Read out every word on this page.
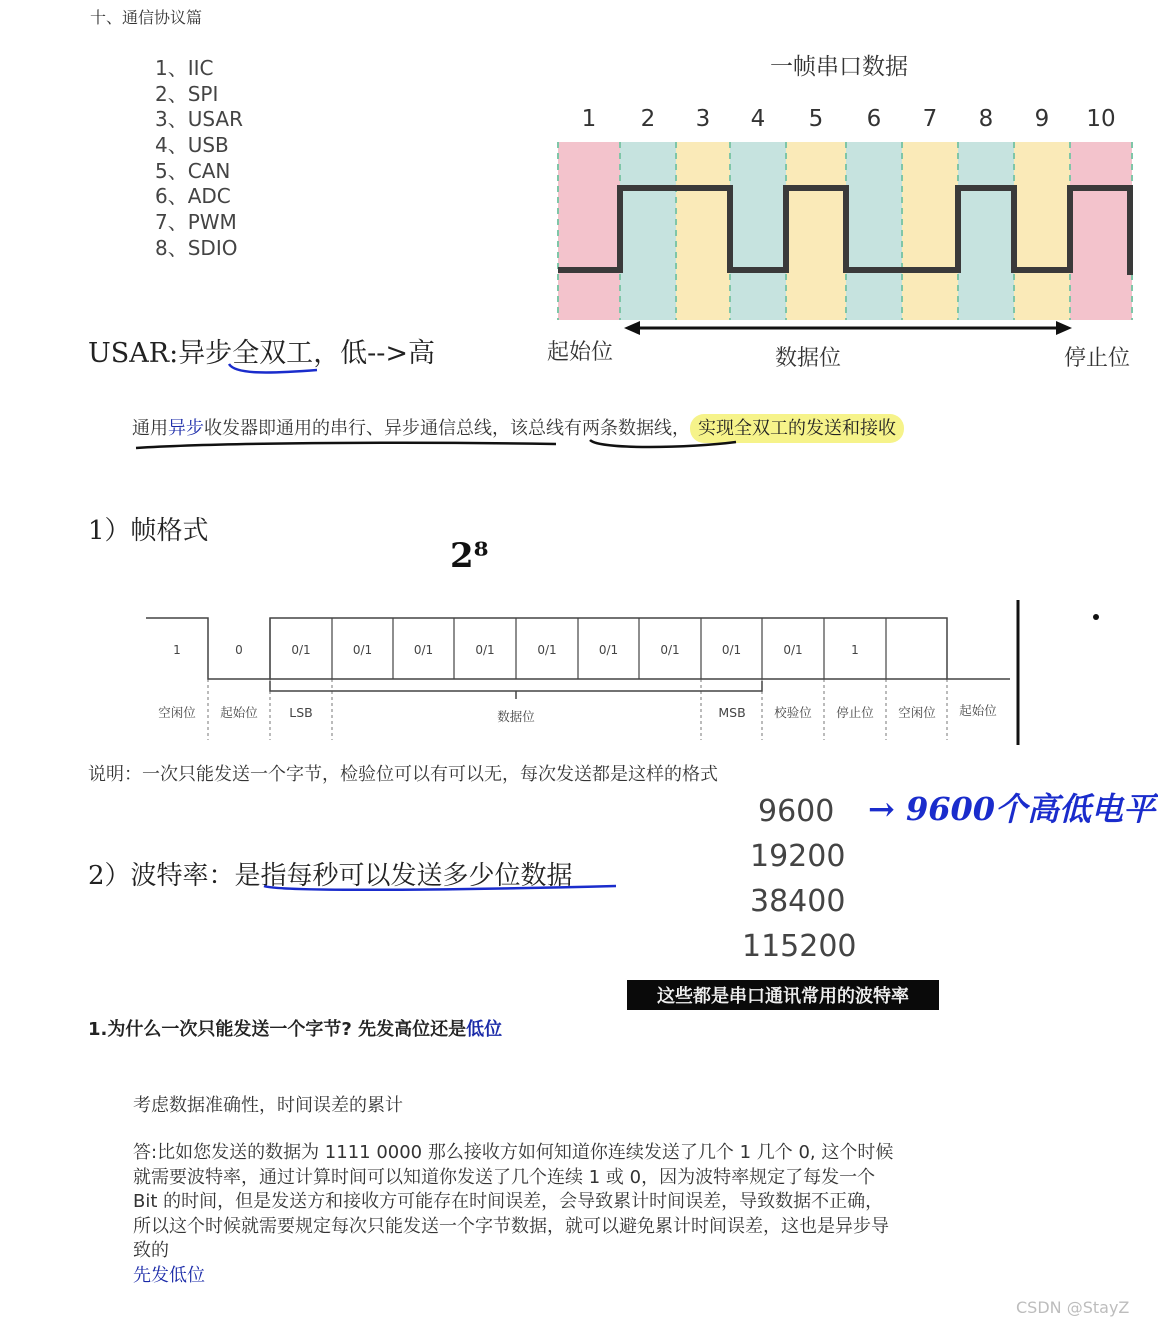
十、通信协议篇
1、IIC
2、SPI
3、USAR
4、USB
5、CAN
6、ADC
7、PWM
8、SDIO
一帧串口数据
1 2 3 4 5 6 7 8 9 10
起始位	数据位	停止位
USAR:异步全双工，低-->高
通用异步收发器即通用的串行、异步通信总线，该总线有两条数据线， 实现全双工的发送和接收
1）帧格式
2⁸
1	0	0/1	0/1	0/1	0/1	0/1	0/1	0/1	0/1	0/1	1
空闲位 起始位	LSB	数据位	MSB 校验位 停止位 空闲位 起始位
说明：一次只能发送一个字节，检验位可以有可以无，每次发送都是这样的格式
9600
19200
38400
115200
→ 9600个高低电平
2）波特率：是指每秒可以发送多少位数据
这些都是串口通讯常用的波特率
1.为什么一次只能发送一个字节? 先发高位还是低位
考虑数据准确性，时间误差的累计
答:比如您发送的数据为 1111 0000 那么接收方如何知道你连续发送了几个 1 几个 0, 这个时候
就需要波特率，通过计算时间可以知道你发送了几个连续 1 或 0，因为波特率规定了每发一个
Bit 的时间，但是发送方和接收方可能存在时间误差，会导致累计时间误差，导致数据不正确，
所以这个时候就需要规定每次只能发送一个字节数据，就可以避免累计时间误差，这也是异步导
致的
先发低位
CSDN @StayZ
